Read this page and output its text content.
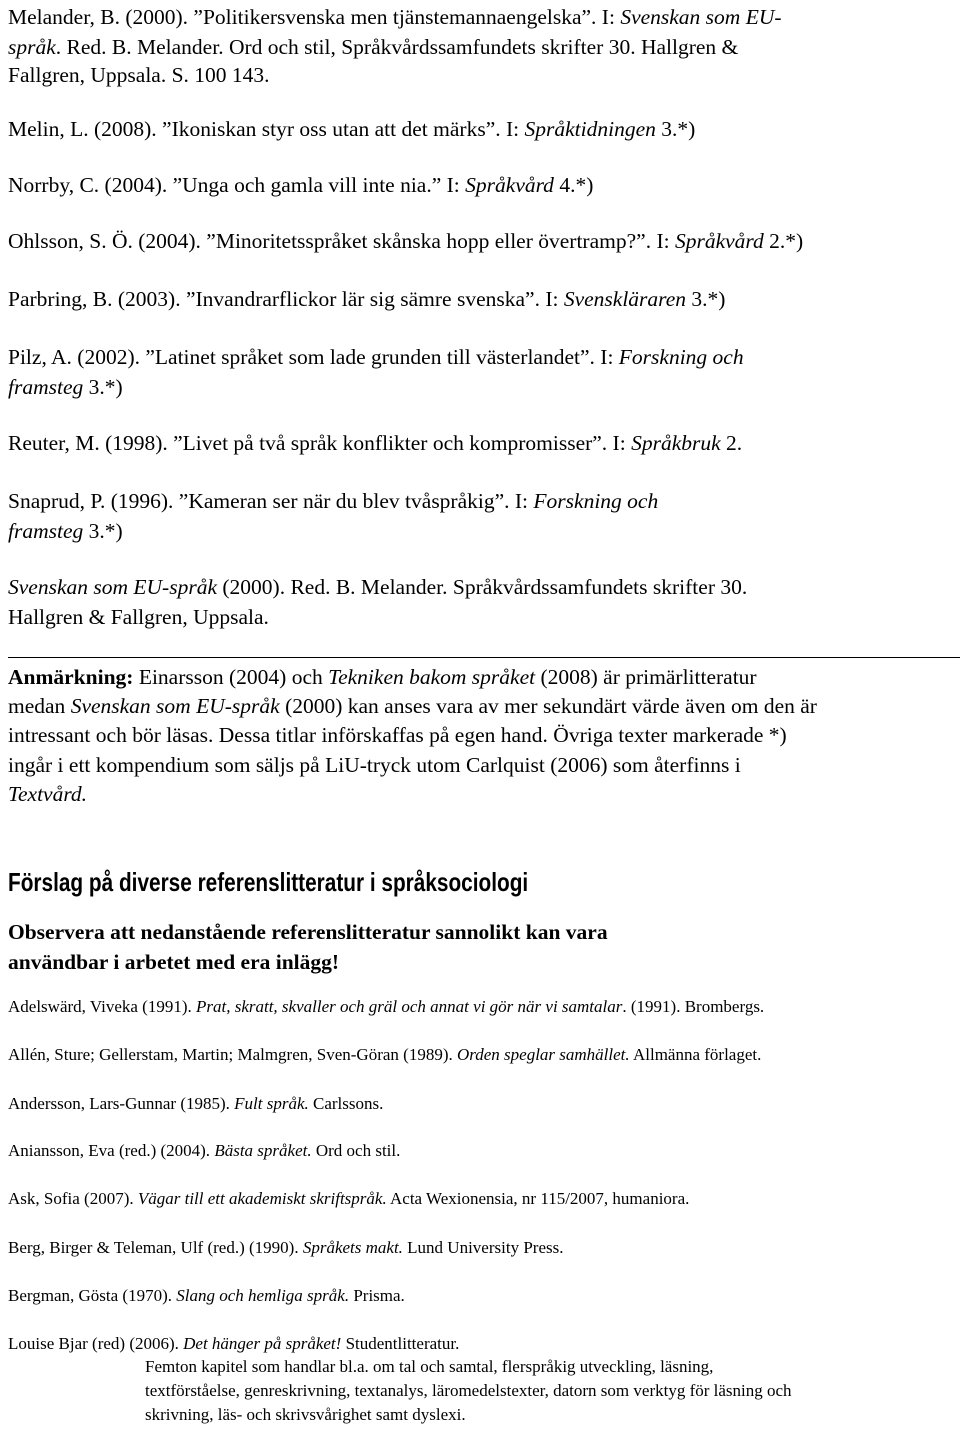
Melander, B. (2000). ”Politikersvenska men tjänstemannaengelska”. I: Svenskan som EU-
språk. Red. B. Melander. Ord och stil, Språkvårdssamfundets skrifter 30. Hallgren &
Fallgren, Uppsala. S. 100 143.
Melin, L. (2008). ”Ikoniskan styr oss utan att det märks”. I: Språktidningen 3.*)
Norrby, C. (2004). ”Unga och gamla vill inte nia.” I: Språkvård 4.*)
Ohlsson, S. Ö. (2004). ”Minoritetsspråket skånska hopp eller övertramp?”. I: Språkvård 2.*)
Parbring, B. (2003). ”Invandrarflickor lär sig sämre svenska”. I: Svenskläraren 3.*)
Pilz, A. (2002). ”Latinet språket som lade grunden till västerlandet”. I: Forskning och
framsteg 3.*)
Reuter, M. (1998). ”Livet på två språk konflikter och kompromisser”. I: Språkbruk 2.
Snaprud, P. (1996). ”Kameran ser när du blev tvåspråkig”. I: Forskning och
framsteg 3.*)
Svenskan som EU-språk (2000). Red. B. Melander. Språkvårdssamfundets skrifter 30.
Hallgren & Fallgren, Uppsala.
Anmärkning: Einarsson (2004) och Tekniken bakom språket (2008) är primärlitteratur
medan Svenskan som EU-språk (2000) kan anses vara av mer sekundärt värde även om den är
intressant och bör läsas. Dessa titlar införskaffas på egen hand. Övriga texter markerade *)
ingår i ett kompendium som säljs på LiU-tryck utom Carlquist (2006) som återfinns i
Textvård.
Förslag på diverse referenslitteratur i språksociologi
Observera att nedanstående referenslitteratur sannolikt kan vara
användbar i arbetet med era inlägg!
Adelswärd, Viveka (1991). Prat, skratt, skvaller och gräl och annat vi gör när vi samtalar. (1991). Brombergs.
Allén, Sture; Gellerstam, Martin; Malmgren, Sven-Göran (1989). Orden speglar samhället. Allmänna förlaget.
Andersson, Lars-Gunnar (1985). Fult språk. Carlssons.
Aniansson, Eva (red.) (2004). Bästa språket. Ord och stil.
Ask, Sofia (2007). Vägar till ett akademiskt skriftspråk. Acta Wexionensia, nr 115/2007, humaniora.
Berg, Birger & Teleman, Ulf (red.) (1990). Språkets makt. Lund University Press.
Bergman, Gösta (1970). Slang och hemliga språk. Prisma.
Louise Bjar (red) (2006). Det hänger på språket! Studentlitteratur.
Femton kapitel som handlar bl.a. om tal och samtal, flerspråkig utveckling, läsning,
textförståelse, genreskrivning, textanalys, läromedelstexter, datorn som verktyg för läsning och
skrivning, läs- och skrivsvårighet samt dyslexi.
